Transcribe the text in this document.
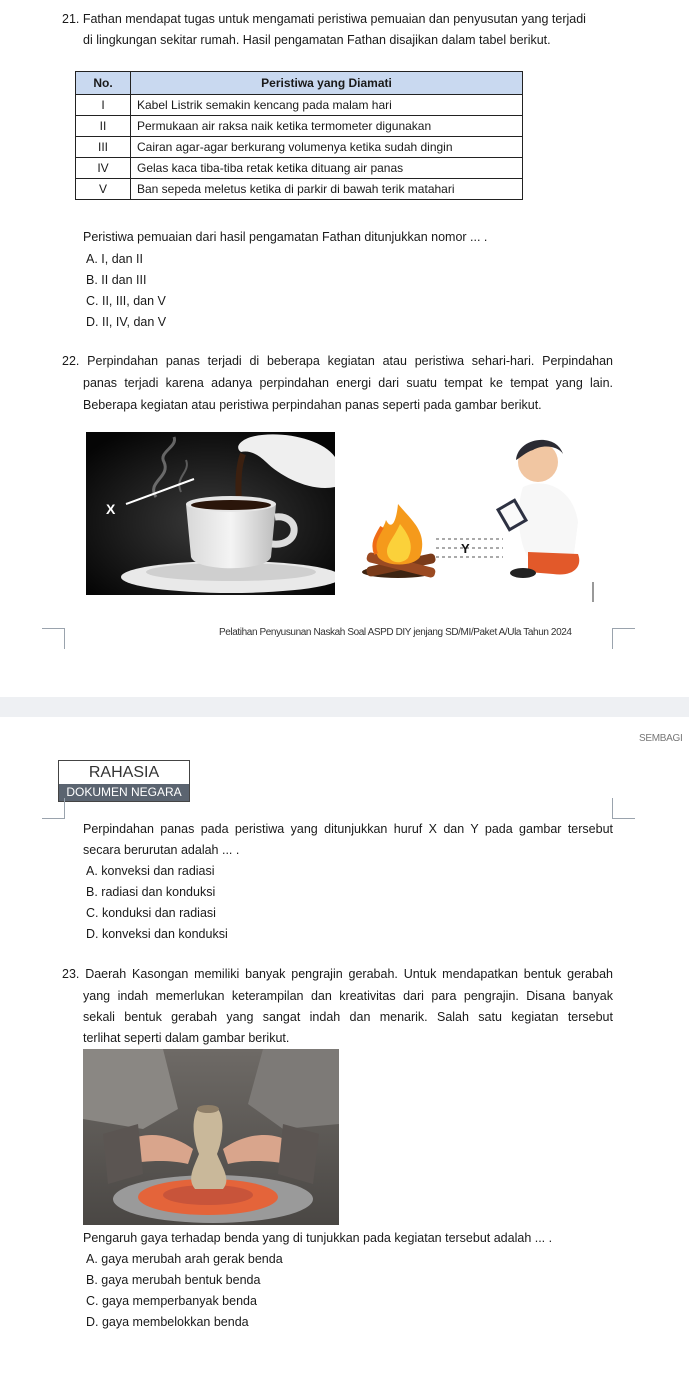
21. Fathan mendapat tugas untuk mengamati peristiwa pemuaian dan penyusutan yang terjadi
di lingkungan sekitar rumah. Hasil pengamatan Fathan disajikan dalam tabel berikut.
No.	Peristiwa yang Diamati
I	Kabel Listrik semakin kencang pada malam hari
II	Permukaan air raksa naik ketika termometer digunakan
III	Cairan agar-agar berkurang volumenya ketika sudah dingin
IV	Gelas kaca tiba-tiba retak ketika dituang air panas
V	Ban sepeda meletus ketika di parkir di bawah terik matahari
Peristiwa pemuaian dari hasil pengamatan Fathan ditunjukkan nomor ... .
A. I, dan II
B. II dan III
C. II, III, dan V
D. II, IV, dan V
22. Perpindahan panas terjadi di beberapa kegiatan atau peristiwa sehari-hari. Perpindahan
panas terjadi karena adanya perpindahan energi dari suatu tempat ke tempat yang lain.
Beberapa kegiatan atau peristiwa perpindahan panas seperti pada gambar berikut.
X
Y
Pelatihan Penyusunan Naskah Soal ASPD DIY jenjang SD/MI/Paket A/Ula Tahun 2024
SEMBAGI
RAHASIA
DOKUMEN NEGARA
Perpindahan panas pada peristiwa yang ditunjukkan huruf X dan Y pada gambar tersebut
secara berurutan adalah ... .
A. konveksi dan radiasi
B. radiasi dan konduksi
C. konduksi dan radiasi
D. konveksi dan konduksi
23. Daerah Kasongan memiliki banyak pengrajin gerabah. Untuk mendapatkan bentuk gerabah
yang indah memerlukan keterampilan dan kreativitas dari para pengrajin. Disana banyak
sekali bentuk gerabah yang sangat indah dan menarik. Salah satu kegiatan tersebut
terlihat seperti dalam gambar berikut.
Pengaruh gaya terhadap benda yang di tunjukkan pada kegiatan tersebut adalah ... .
A. gaya merubah arah gerak benda
B. gaya merubah bentuk benda
C. gaya memperbanyak benda
D. gaya membelokkan benda
